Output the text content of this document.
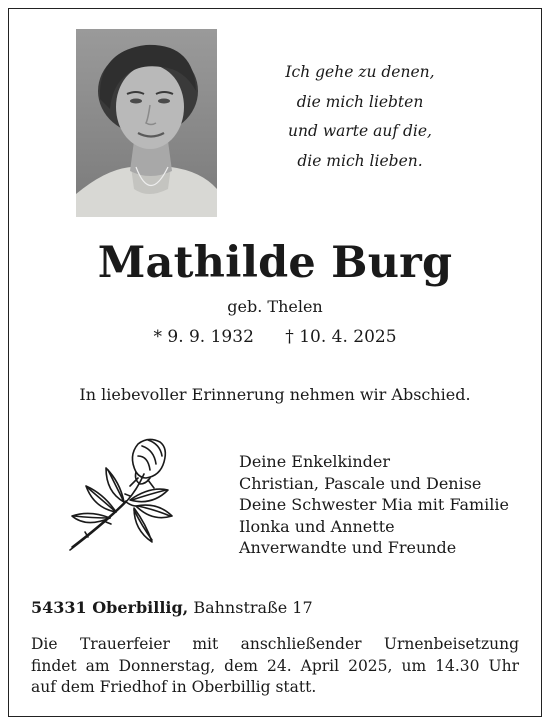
Ich gehe zu denen,
die mich liebten
und warte auf die,
die mich lieben.
Mathilde Burg
geb. Thelen
* 9. 9. 1932 † 10. 4. 2025
In liebevoller Erinnerung nehmen wir Abschied.
Deine Enkelkinder
Christian, Pascale und Denise
Deine Schwester Mia mit Familie
Ilonka und Annette
Anverwandte und Freunde
54331 Oberbillig, Bahnstraße 17
Die Trauerfeier mit anschließender Urnenbeisetzung
findet am Donnerstag, dem 24. April 2025, um 14.30 Uhr
auf dem Friedhof in Oberbillig statt.
